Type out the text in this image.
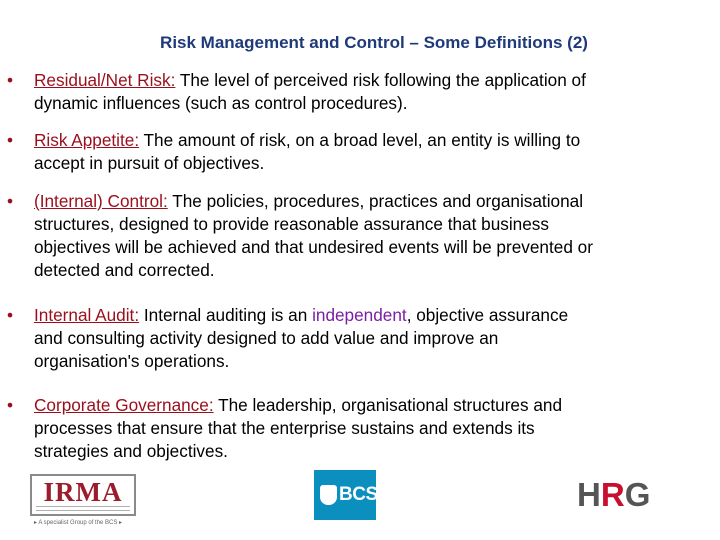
Risk Management and Control – Some Definitions (2)
• Residual/Net Risk: The level of perceived risk following the application of
dynamic influences (such as control procedures).
• Risk Appetite: The amount of risk, on a broad level, an entity is willing to
accept in pursuit of objectives.
• (Internal) Control: The policies, procedures, practices and organisational
structures, designed to provide reasonable assurance that business
objectives will be achieved and that undesired events will be prevented or
detected and corrected.
• Internal Audit: Internal auditing is an independent, objective assurance
and consulting activity designed to add value and improve an
organisation's operations.
• Corporate Governance: The leadership, organisational structures and
processes that ensure that the enterprise sustains and extends its
strategies and objectives.
IRMA
▸ A specialist Group of the BCS ▸
BCS	HRG
